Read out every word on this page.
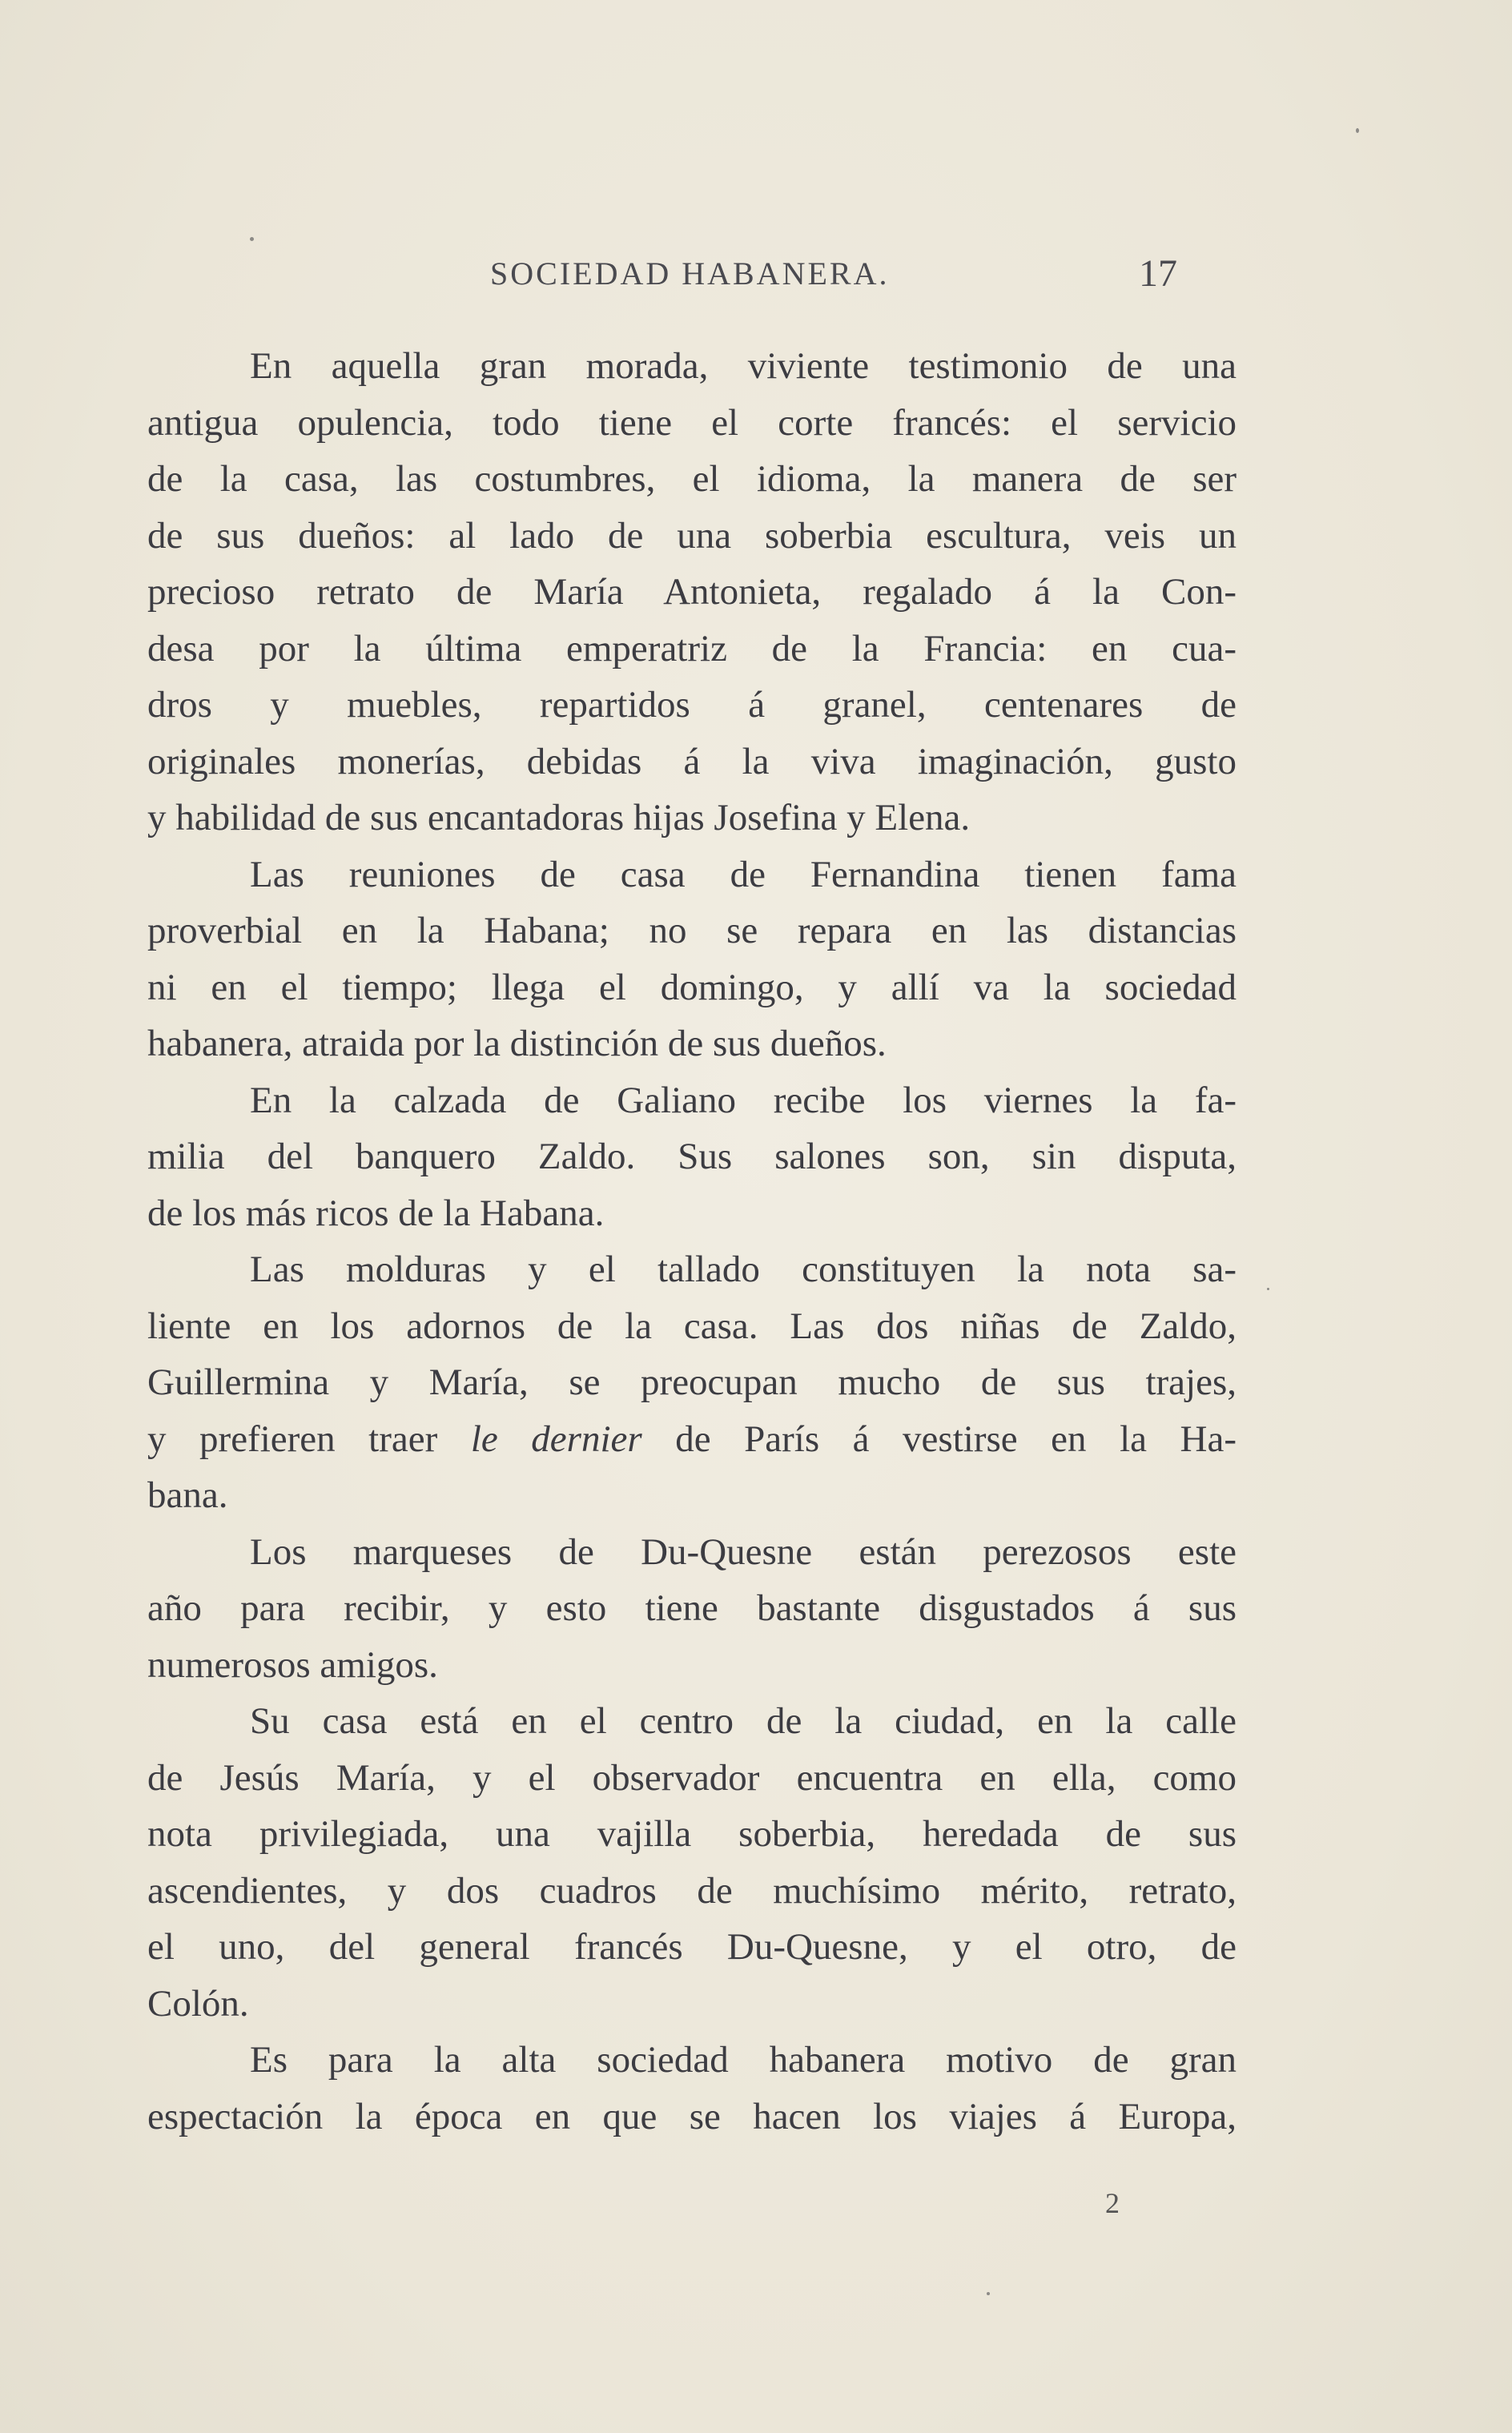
SOCIEDAD HABANERA.	17
En aquella gran morada, viviente testimonio de una
antigua opulencia, todo tiene el corte francés: el servicio
de la casa, las costumbres, el idioma, la manera de ser
de sus dueños: al lado de una soberbia escultura, veis un
precioso retrato de María Antonieta, regalado á la Con-
desa por la última emperatriz de la Francia: en cua-
dros y muebles, repartidos á granel, centenares de
originales monerías, debidas á la viva imaginación, gusto
y habilidad de sus encantadoras hijas Josefina y Elena.
Las reuniones de casa de Fernandina tienen fama
proverbial en la Habana; no se repara en las distancias
ni en el tiempo; llega el domingo, y allí va la sociedad
habanera, atraida por la distinción de sus dueños.
En la calzada de Galiano recibe los viernes la fa-
milia del banquero Zaldo. Sus salones son, sin disputa,
de los más ricos de la Habana.
Las molduras y el tallado constituyen la nota sa-
liente en los adornos de la casa. Las dos niñas de Zaldo,
Guillermina y María, se preocupan mucho de sus trajes,
y prefieren traer le dernier de París á vestirse en la Ha-
bana.
Los marqueses de Du-Quesne están perezosos este
año para recibir, y esto tiene bastante disgustados á sus
numerosos amigos.
Su casa está en el centro de la ciudad, en la calle
de Jesús María, y el observador encuentra en ella, como
nota privilegiada, una vajilla soberbia, heredada de sus
ascendientes, y dos cuadros de muchísimo mérito, retrato,
el uno, del general francés Du-Quesne, y el otro, de
Colón.
Es para la alta sociedad habanera motivo de gran
espectación la época en que se hacen los viajes á Europa,
2
